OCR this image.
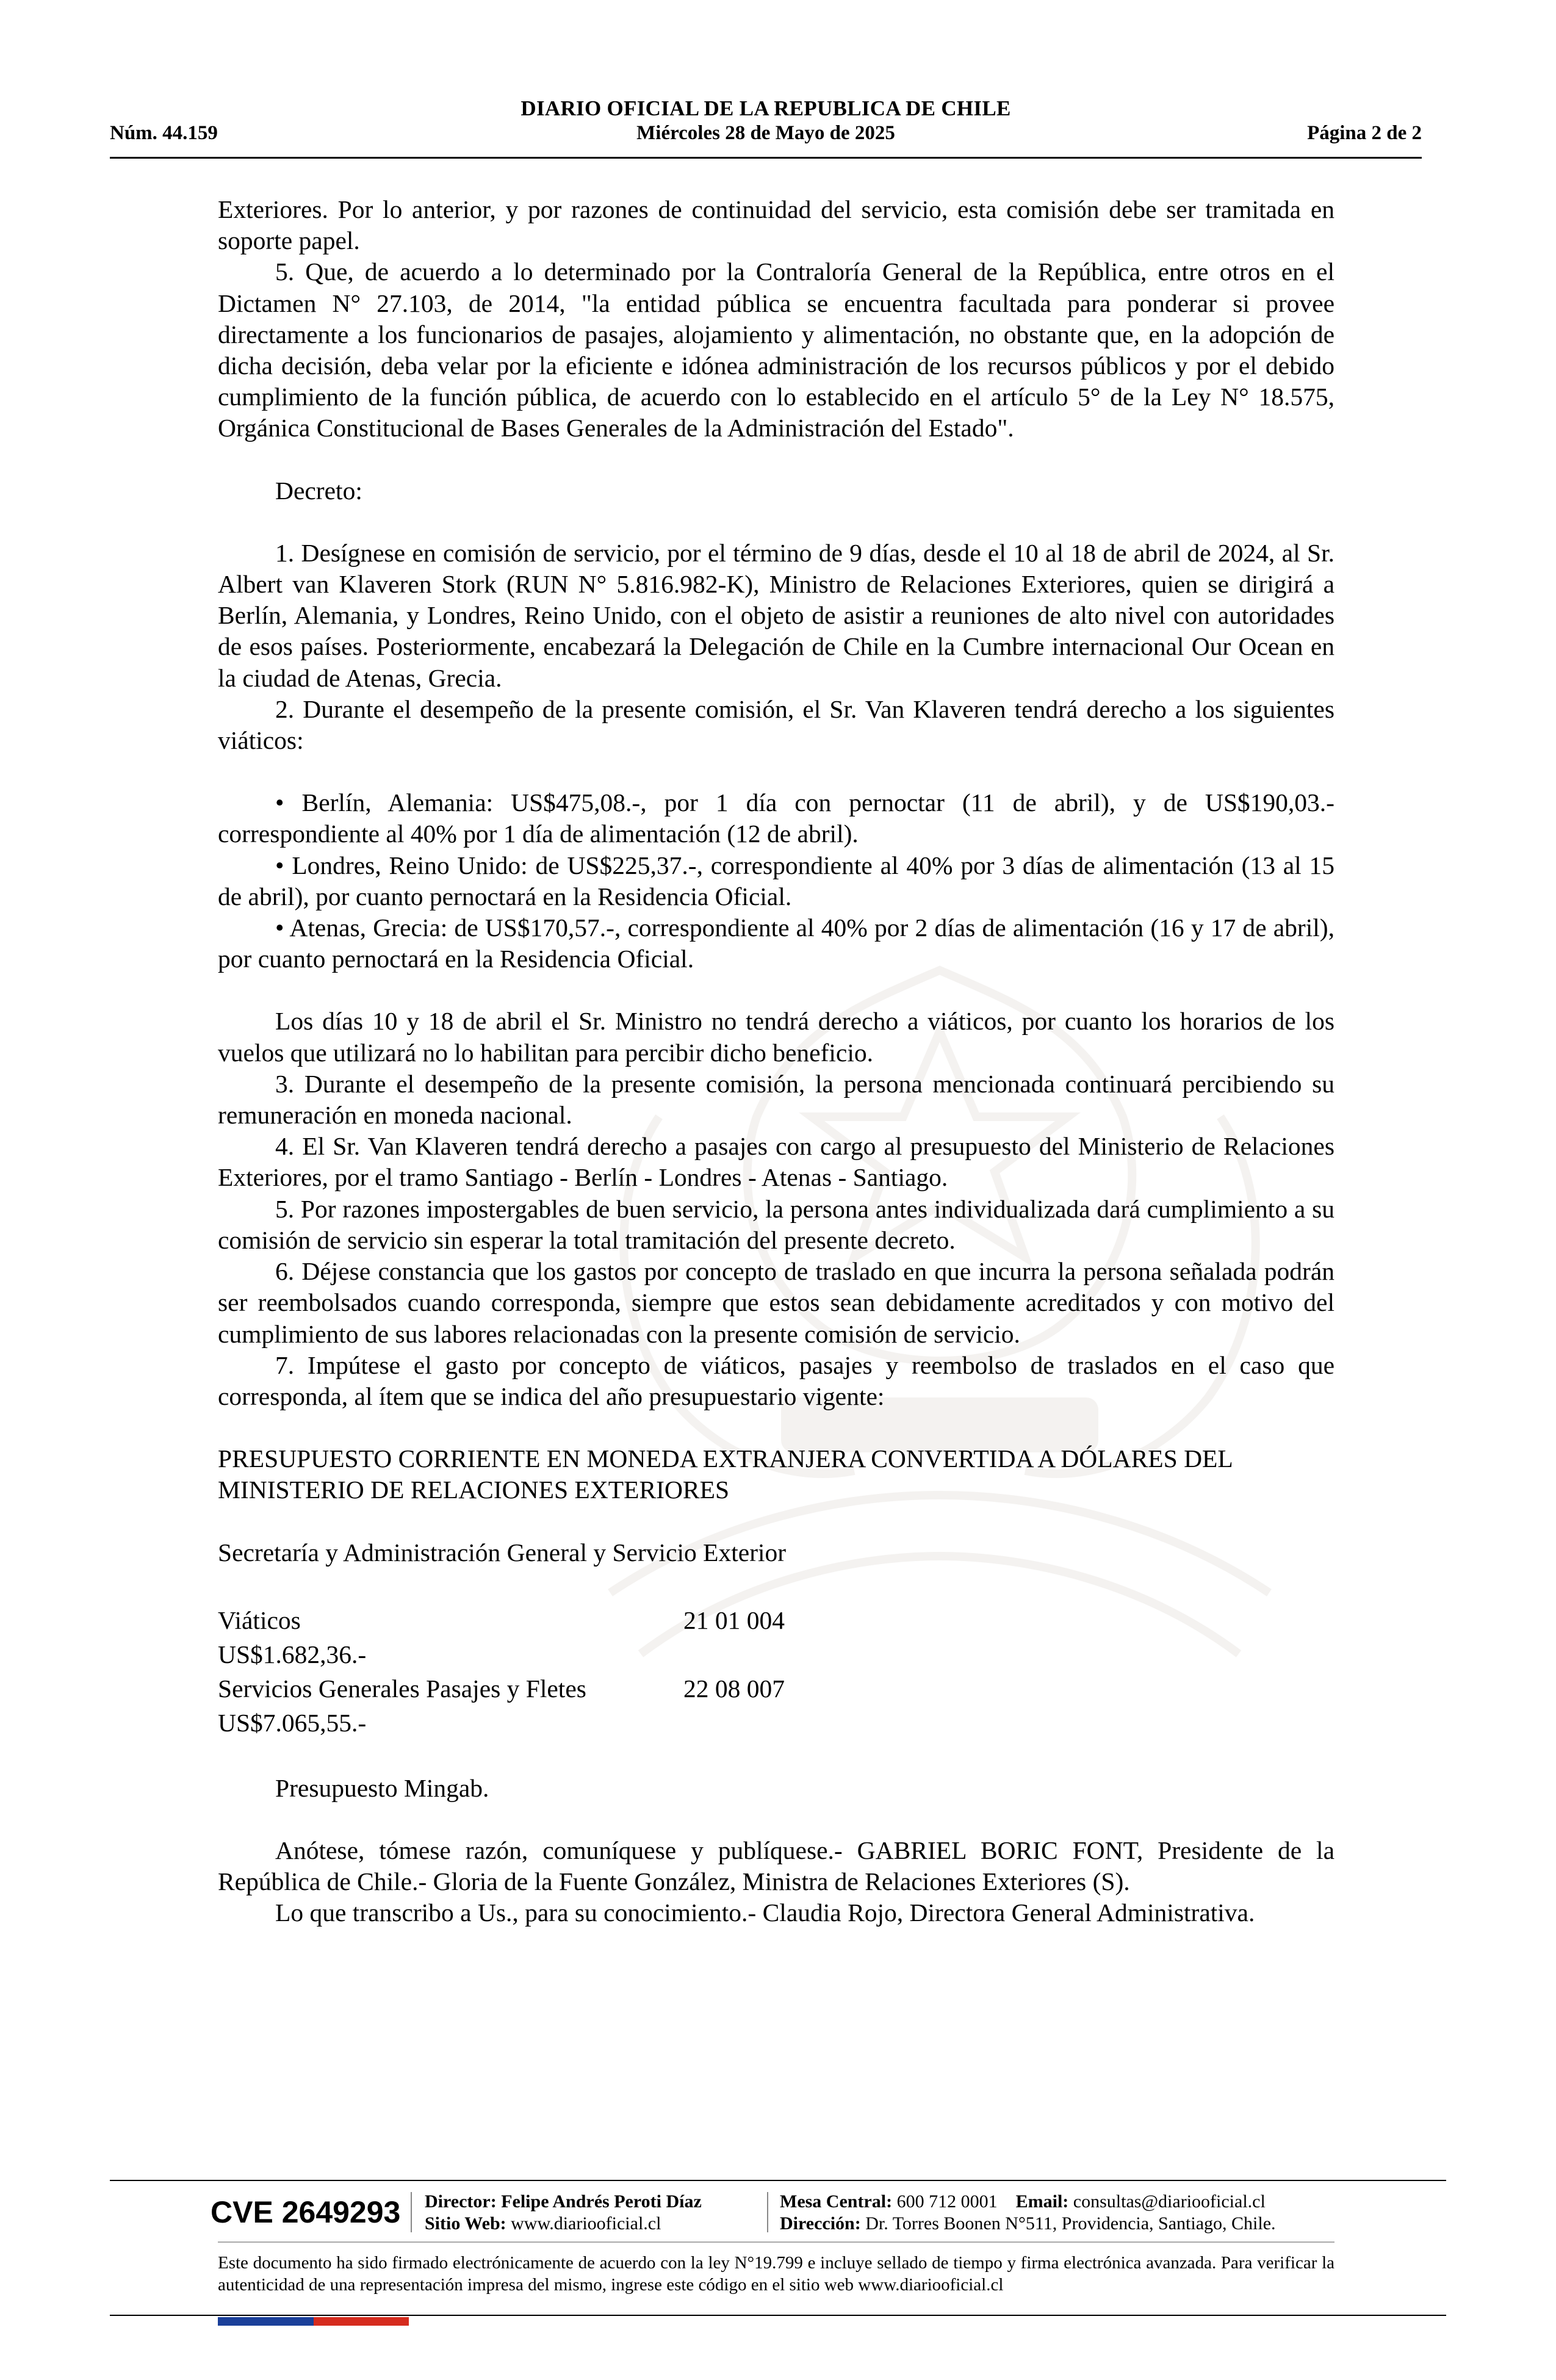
DIARIO OFICIAL DE LA REPUBLICA DE CHILE
Núm. 44.159	Miércoles 28 de Mayo de 2025	Página 2 de 2

Exteriores. Por lo anterior, y por razones de continuidad del servicio, esta comisión debe ser tramitada en soporte papel.

5. Que, de acuerdo a lo determinado por la Contraloría General de la República, entre otros en el Dictamen N° 27.103, de 2014, "la entidad pública se encuentra facultada para ponderar si provee directamente a los funcionarios de pasajes, alojamiento y alimentación, no obstante que, en la adopción de dicha decisión, deba velar por la eficiente e idónea administración de los recursos públicos y por el debido cumplimiento de la función pública, de acuerdo con lo establecido en el artículo 5° de la Ley N° 18.575, Orgánica Constitucional de Bases Generales de la Administración del Estado".

Decreto:

1. Desígnese en comisión de servicio, por el término de 9 días, desde el 10 al 18 de abril de 2024, al Sr. Albert van Klaveren Stork (RUN N° 5.816.982-K), Ministro de Relaciones Exteriores, quien se dirigirá a Berlín, Alemania, y Londres, Reino Unido, con el objeto de asistir a reuniones de alto nivel con autoridades de esos países. Posteriormente, encabezará la Delegación de Chile en la Cumbre internacional Our Ocean en la ciudad de Atenas, Grecia.

2. Durante el desempeño de la presente comisión, el Sr. Van Klaveren tendrá derecho a los siguientes viáticos:

• Berlín, Alemania: US$475,08.-, por 1 día con pernoctar (11 de abril), y de US$190,03.- correspondiente al 40% por 1 día de alimentación (12 de abril).

• Londres, Reino Unido: de US$225,37.-, correspondiente al 40% por 3 días de alimentación (13 al 15 de abril), por cuanto pernoctará en la Residencia Oficial.

• Atenas, Grecia: de US$170,57.-, correspondiente al 40% por 2 días de alimentación (16 y 17 de abril), por cuanto pernoctará en la Residencia Oficial.

Los días 10 y 18 de abril el Sr. Ministro no tendrá derecho a viáticos, por cuanto los horarios de los vuelos que utilizará no lo habilitan para percibir dicho beneficio.

3. Durante el desempeño de la presente comisión, la persona mencionada continuará percibiendo su remuneración en moneda nacional.

4. El Sr. Van Klaveren tendrá derecho a pasajes con cargo al presupuesto del Ministerio de Relaciones Exteriores, por el tramo Santiago - Berlín - Londres - Atenas - Santiago.

5. Por razones impostergables de buen servicio, la persona antes individualizada dará cumplimiento a su comisión de servicio sin esperar la total tramitación del presente decreto.

6. Déjese constancia que los gastos por concepto de traslado en que incurra la persona señalada podrán ser reembolsados cuando corresponda, siempre que estos sean debidamente acreditados y con motivo del cumplimiento de sus labores relacionadas con la presente comisión de servicio.

7. Impútese el gasto por concepto de viáticos, pasajes y reembolso de traslados en el caso que corresponda, al ítem que se indica del año presupuestario vigente:

PRESUPUESTO CORRIENTE EN MONEDA EXTRANJERA CONVERTIDA A DÓLARES DEL MINISTERIO DE RELACIONES EXTERIORES

Secretaría y Administración General y Servicio Exterior

Viáticos	21 01 004
US$1.682,36.-
Servicios Generales Pasajes y Fletes	22 08 007
US$7.065,55.-

Presupuesto Mingab.

Anótese, tómese razón, comuníquese y publíquese.- GABRIEL BORIC FONT, Presidente de la República de Chile.- Gloria de la Fuente González, Ministra de Relaciones Exteriores (S).

Lo que transcribo a Us., para su conocimiento.- Claudia Rojo, Directora General Administrativa.

CVE 2649293 Director: Felipe Andrés Peroti Díaz
Sitio Web: www.diariooficial.cl
Mesa Central: 600 712 0001 Email: consultas@diariooficial.cl
Dirección: Dr. Torres Boonen N°511, Providencia, Santiago, Chile.
Este documento ha sido firmado electrónicamente de acuerdo con la ley N°19.799 e incluye sellado de tiempo y firma electrónica avanzada. Para verificar la autenticidad de una representación impresa del mismo, ingrese este código en el sitio web www.diariooficial.cl
